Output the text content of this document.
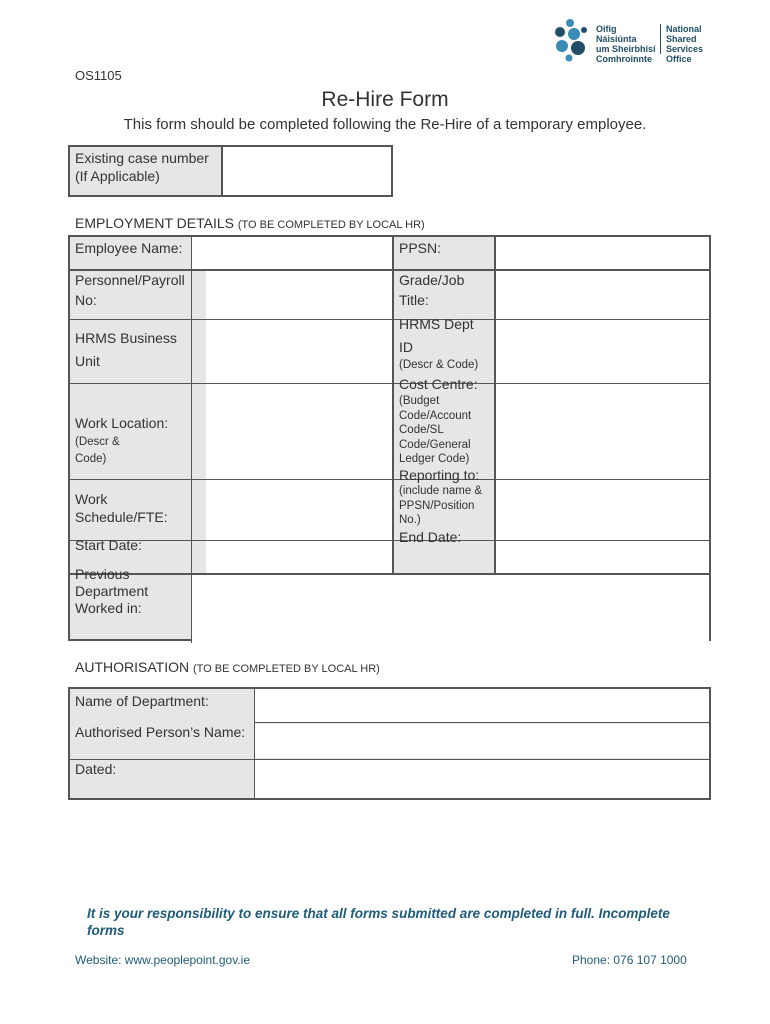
Oifig Náisiúnta
um Sheirbhísí
Comhroinnte
National
Shared Services
Office
OS1105
Re-Hire Form
This form should be completed following the Re-Hire of a temporary employee.
Existing case number
(If Applicable)
EMPLOYMENT DETAILS (TO BE COMPLETED BY LOCAL HR)
Employee Name:
Personnel/Payroll
No:
HRMS Business
Unit
Work Location:
(Descr &
Code)
Work
Schedule/FTE:
Start Date:
Previous
Department
Worked in:
PPSN:
Grade/Job
Title:
HRMS Dept
ID
(Descr & Code)
Cost Centre:
(Budget
Code/Account
Code/SL
Code/General
Ledger Code)
Reporting to:
(include name &
PPSN/Position
No.)
End Date:
AUTHORISATION (TO BE COMPLETED BY LOCAL HR)
Name of Department:
Authorised Person’s Name:
Dated:
It is your responsibility to ensure that all forms submitted are completed in full. Incomplete forms
Website: www.peoplepoint.gov.ie	Phone: 076 107 1000
